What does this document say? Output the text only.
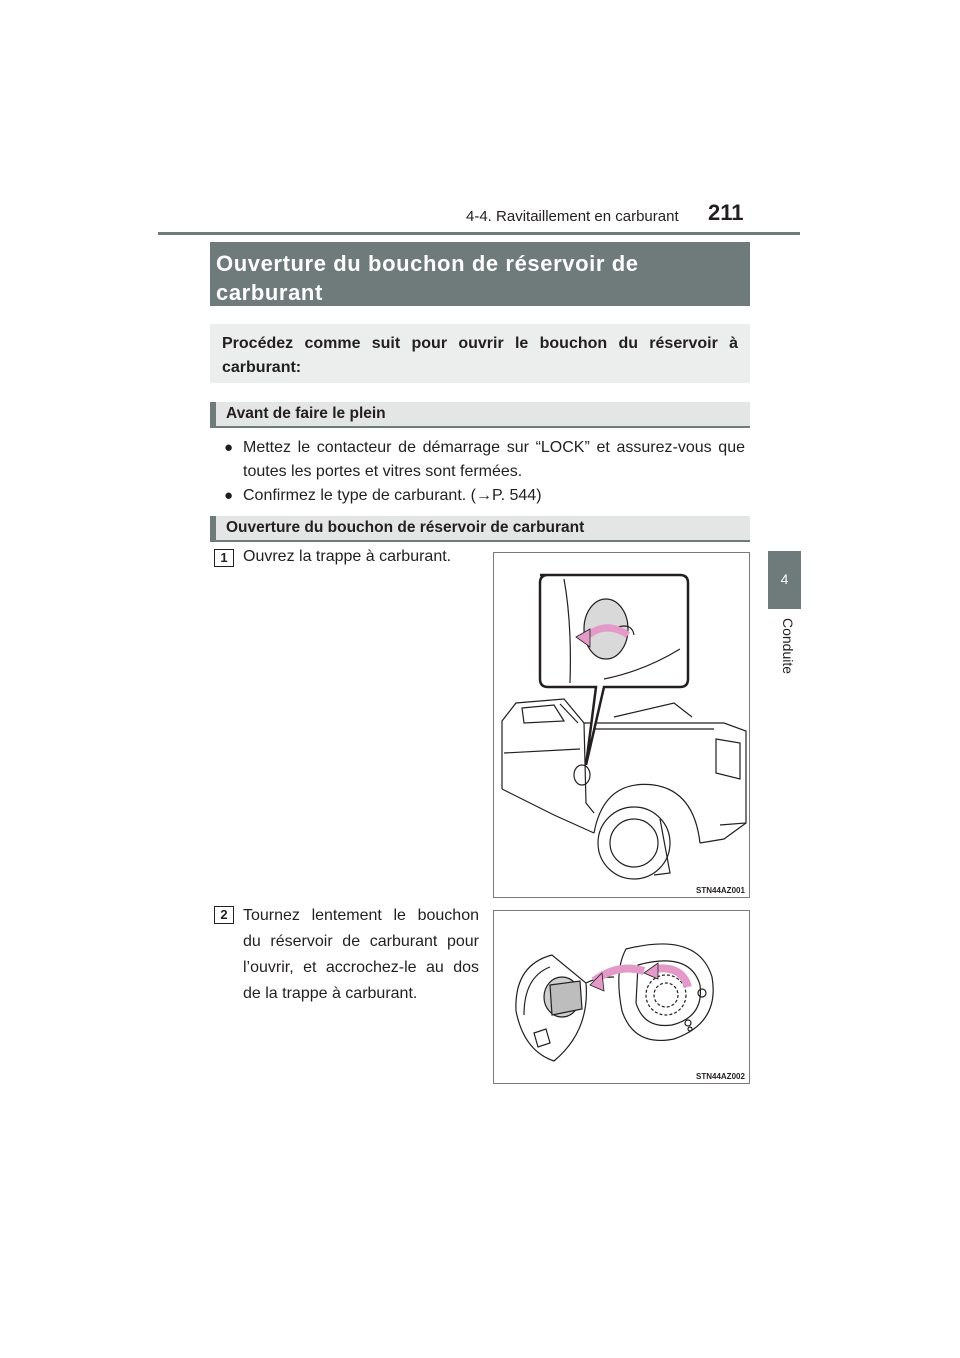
4-4. Ravitaillement en carburant 211
4
Conduite
Ouverture du bouchon de réservoir de carburant
Procédez comme suit pour ouvrir le bouchon du réservoir à carburant:
Avant de faire le plein
● Mettez le contacteur de démarrage sur “LOCK” et assurez-vous que toutes les portes et vitres sont fermées.
● Confirmez le type de carburant. (→P. 544)
Ouverture du bouchon de réservoir de carburant
1 Ouvrez la trappe à carburant.
STN44AZ001
2 Tournez lentement le bouchon du réservoir de carburant pour l’ouvrir, et accrochez-le au dos de la trappe à carburant.
STN44AZ002
